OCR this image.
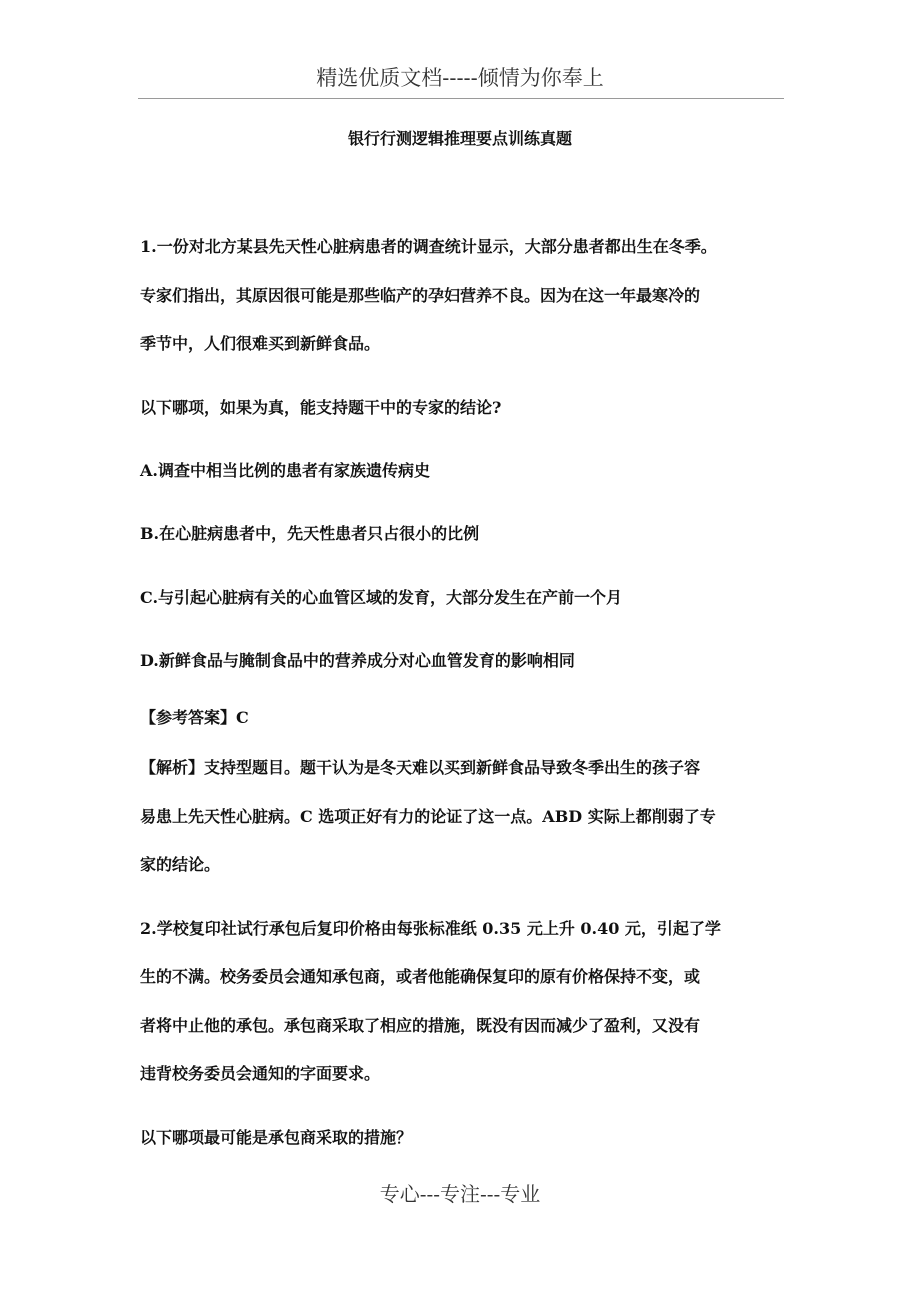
精选优质文档-----倾情为你奉上
银行行测逻辑推理要点训练真题
1.一份对北方某县先天性心脏病患者的调查统计显示，大部分患者都出生在冬季。
专家们指出，其原因很可能是那些临产的孕妇营养不良。因为在这一年最寒冷的
季节中，人们很难买到新鲜食品。
以下哪项，如果为真，能支持题干中的专家的结论?
A.调查中相当比例的患者有家族遗传病史
B.在心脏病患者中，先天性患者只占很小的比例
C.与引起心脏病有关的心血管区域的发育，大部分发生在产前一个月
D.新鲜食品与腌制食品中的营养成分对心血管发育的影响相同
【参考答案】C
【解析】支持型题目。题干认为是冬天难以买到新鲜食品导致冬季出生的孩子容
易患上先天性心脏病。C 选项正好有力的论证了这一点。ABD 实际上都削弱了专
家的结论。
2.学校复印社试行承包后复印价格由每张标准纸 0.35 元上升 0.40 元，引起了学
生的不满。校务委员会通知承包商，或者他能确保复印的原有价格保持不变，或
者将中止他的承包。承包商采取了相应的措施，既没有因而减少了盈利，又没有
违背校务委员会通知的字面要求。
以下哪项最可能是承包商采取的措施？
专心---专注---专业
